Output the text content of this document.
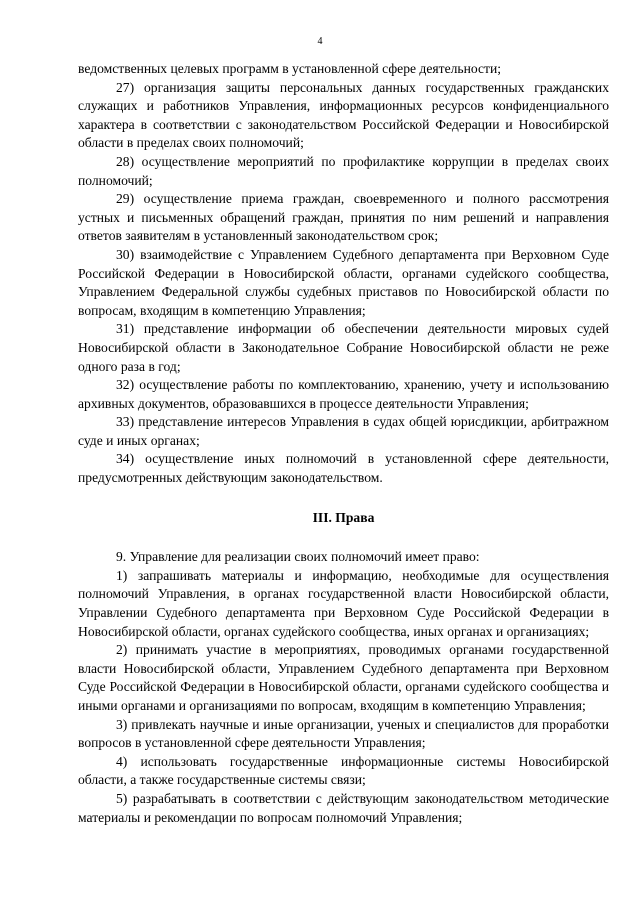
4

ведомственных целевых программ в установленной сфере деятельности;

27) организация защиты персональных данных государственных гражданских служащих и работников Управления, информационных ресурсов конфиденциального характера в соответствии с законодательством Российской Федерации и Новосибирской области в пределах своих полномочий;

28) осуществление мероприятий по профилактике коррупции в пределах своих полномочий;

29) осуществление приема граждан, своевременного и полного рассмотрения устных и письменных обращений граждан, принятия по ним решений и направления ответов заявителям в установленный законодательством срок;

30) взаимодействие с Управлением Судебного департамента при Верховном Суде Российской Федерации в Новосибирской области, органами судейского сообщества, Управлением Федеральной службы судебных приставов по Новосибирской области по вопросам, входящим в компетенцию Управления;

31) представление информации об обеспечении деятельности мировых судей Новосибирской области в Законодательное Собрание Новосибирской области не реже одного раза в год;

32) осуществление работы по комплектованию, хранению, учету и использованию архивных документов, образовавшихся в процессе деятельности Управления;

33) представление интересов Управления в судах общей юрисдикции, арбитражном суде и иных органах;

34) осуществление иных полномочий в установленной сфере деятельности, предусмотренных действующим законодательством.

III. Права

9. Управление для реализации своих полномочий имеет право:

1) запрашивать материалы и информацию, необходимые для осуществления полномочий Управления, в органах государственной власти Новосибирской области, Управлении Судебного департамента при Верховном Суде Российской Федерации в Новосибирской области, органах судейского сообщества, иных органах и организациях;

2) принимать участие в мероприятиях, проводимых органами государственной власти Новосибирской области, Управлением Судебного департамента при Верховном Суде Российской Федерации в Новосибирской области, органами судейского сообщества и иными органами и организациями по вопросам, входящим в компетенцию Управления;

3) привлекать научные и иные организации, ученых и специалистов для проработки вопросов в установленной сфере деятельности Управления;

4) использовать государственные информационные системы Новосибирской области, а также государственные системы связи;

5) разрабатывать в соответствии с действующим законодательством методические материалы и рекомендации по вопросам полномочий Управления;
